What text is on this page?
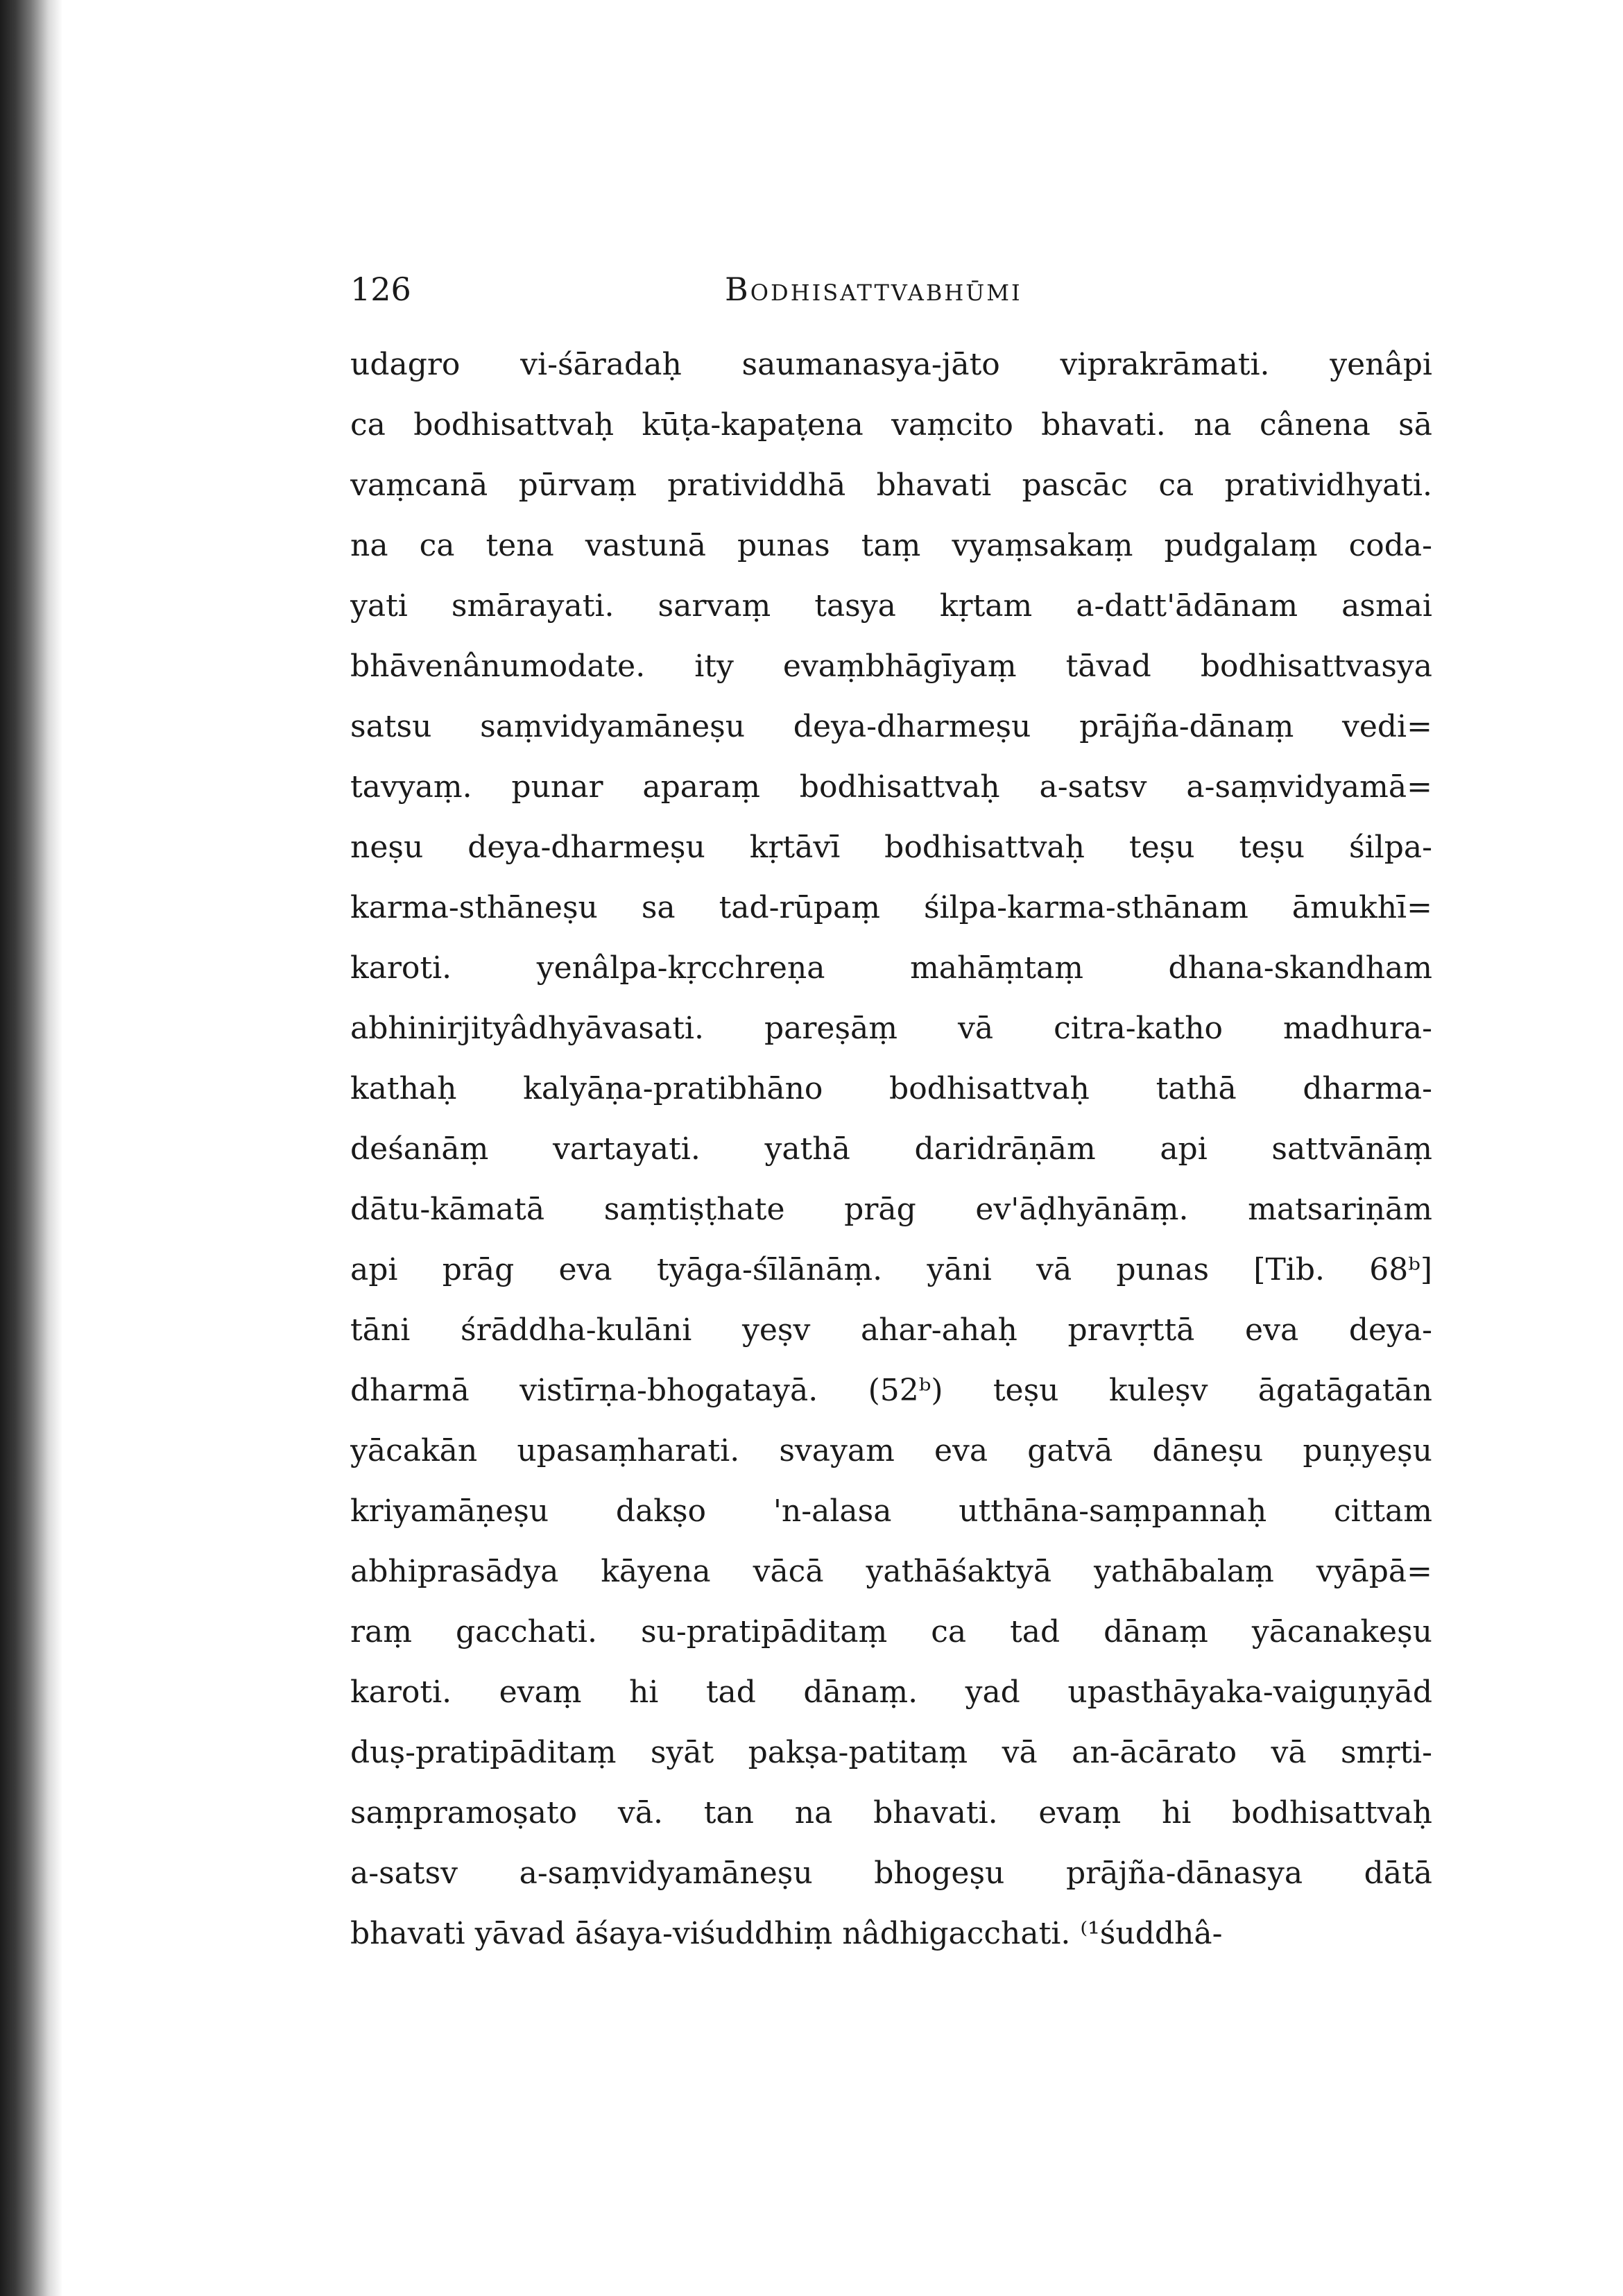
126	Bodhisattvabhūmi
udagro vi-śāradaḥ saumanasya-jāto viprakrāmati. yenâpi
ca bodhisattvaḥ kūṭa-kapaṭena vaṃcito bhavati. na cânena sā
vaṃcanā pūrvaṃ pratividdhā bhavati pascāc ca pratividhyati.
na ca tena vastunā punas taṃ vyaṃsakaṃ pudgalaṃ coda-
yati smārayati. sarvaṃ tasya kṛtam a-datt'ādānam asmai
bhāvenânumodate. ity evaṃbhāgīyaṃ tāvad bodhisattvasya
satsu saṃvidyamāneṣu deya-dharmeṣu prājña-dānaṃ vedi=
tavyaṃ. punar aparaṃ bodhisattvaḥ a-satsv a-saṃvidyamā=
neṣu deya-dharmeṣu kṛtāvī bodhisattvaḥ teṣu teṣu śilpa-
karma-sthāneṣu sa tad-rūpaṃ śilpa-karma-sthānam āmukhī=
karoti. yenâlpa-kṛcchreṇa mahāṃtaṃ dhana-skandham
abhinirjityâdhyāvasati. pareṣāṃ vā citra-katho madhura-
kathaḥ kalyāṇa-pratibhāno bodhisattvaḥ tathā dharma-
deśanāṃ vartayati. yathā daridrāṇām api sattvānāṃ
dātu-kāmatā saṃtiṣṭhate prāg ev'āḍhyānāṃ. matsariṇām
api prāg eva tyāga-śīlānāṃ. yāni vā punas [Tib. 68ᵇ]
tāni śrāddha-kulāni yeṣv ahar-ahaḥ pravṛttā eva deya-
dharmā vistīrṇa-bhogatayā. (52ᵇ) teṣu kuleṣv āgatāgatān
yācakān upasaṃharati. svayam eva gatvā dāneṣu puṇyeṣu
kriyamāṇeṣu dakṣo 'n-alasa utthāna-saṃpannaḥ cittam
abhiprasādya kāyena vācā yathāśaktyā yathābalaṃ vyāpā=
raṃ gacchati. su-pratipāditaṃ ca tad dānaṃ yācanakeṣu
karoti. evaṃ hi tad dānaṃ. yad upasthāyaka-vaiguṇyād
duṣ-pratipāditaṃ syāt pakṣa-patitaṃ vā an-ācārato vā smṛti-
saṃpramoṣato vā. tan na bhavati. evaṃ hi bodhisattvaḥ
a-satsv a-saṃvidyamāneṣu bhogeṣu prājña-dānasya dātā
bhavati yāvad āśaya-viśuddhiṃ nâdhigacchati. ⁽¹śuddhâ-
